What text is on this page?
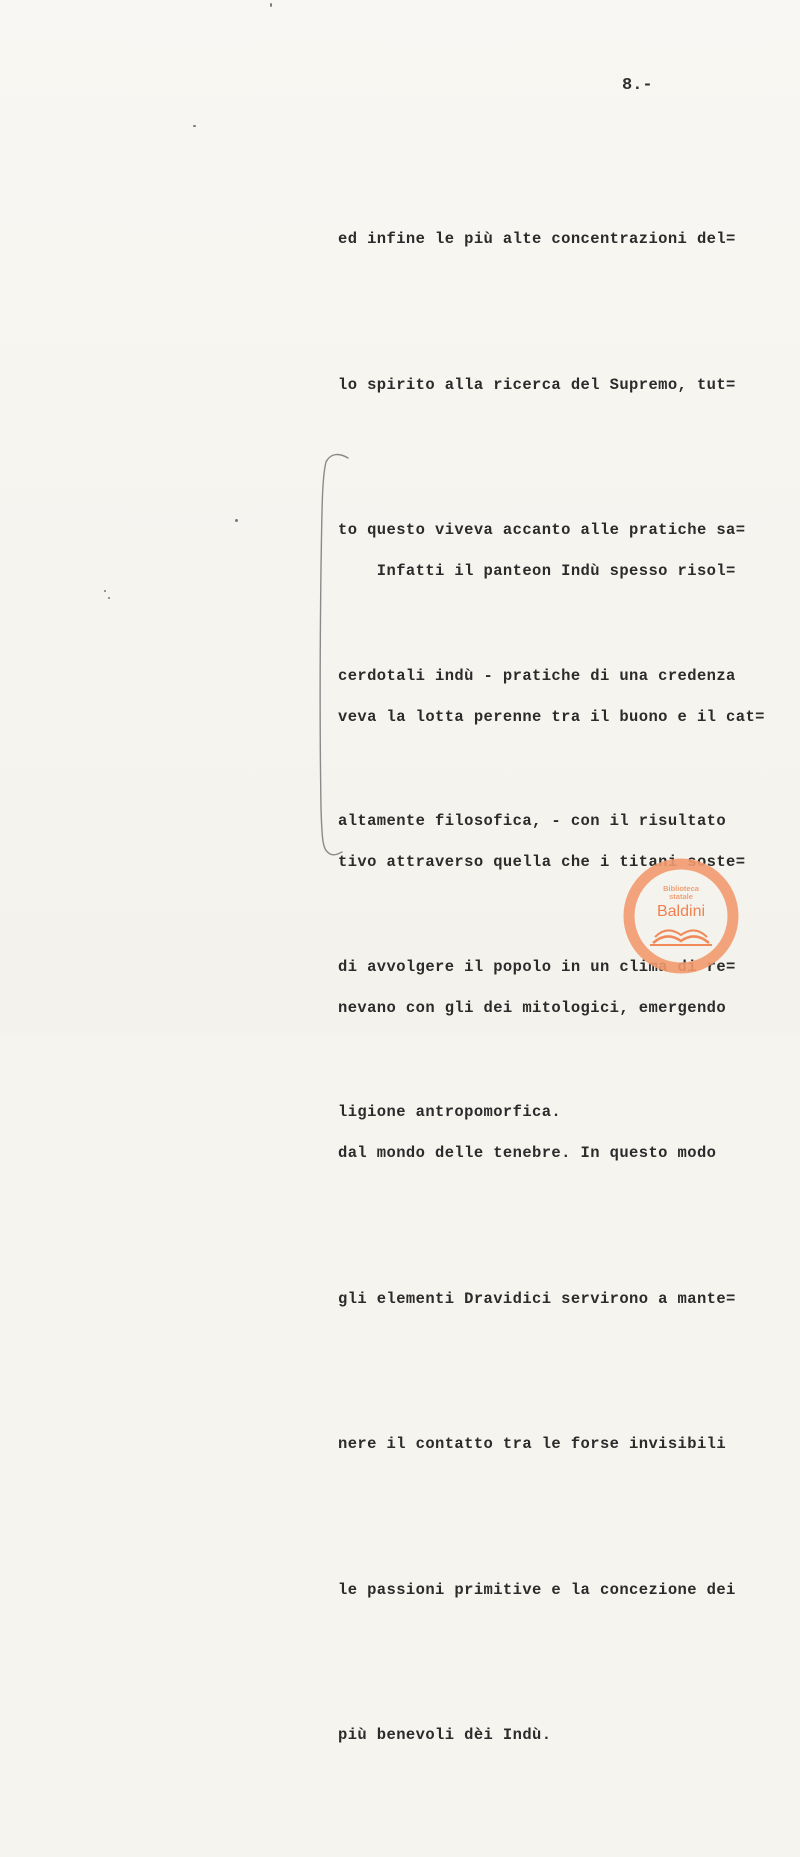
8.-

ed infine le più alte concentrazioni del=

lo spirito alla ricerca del Supremo, tut=

to questo viveva accanto alle pratiche sa=

cerdotali indù - pratiche di una credenza

altamente filosofica, - con il risultato

di avvolgere il popolo in un clima di re=

ligione antropomorfica.

Infatti il panteon Indù spesso risol=

veva la lotta perenne tra il buono e il cat=

tivo attraverso quella che i titani soste=

nevano con gli dei mitologici, emergendo

dal mondo delle tenebre. In questo modo

gli elementi Dravidici servirono a mante=

nere il contatto tra le forse invisibili

le passioni primitive e la concezione dei

più benevoli dèi Indù.

Biblioteca
statale
Baldini
